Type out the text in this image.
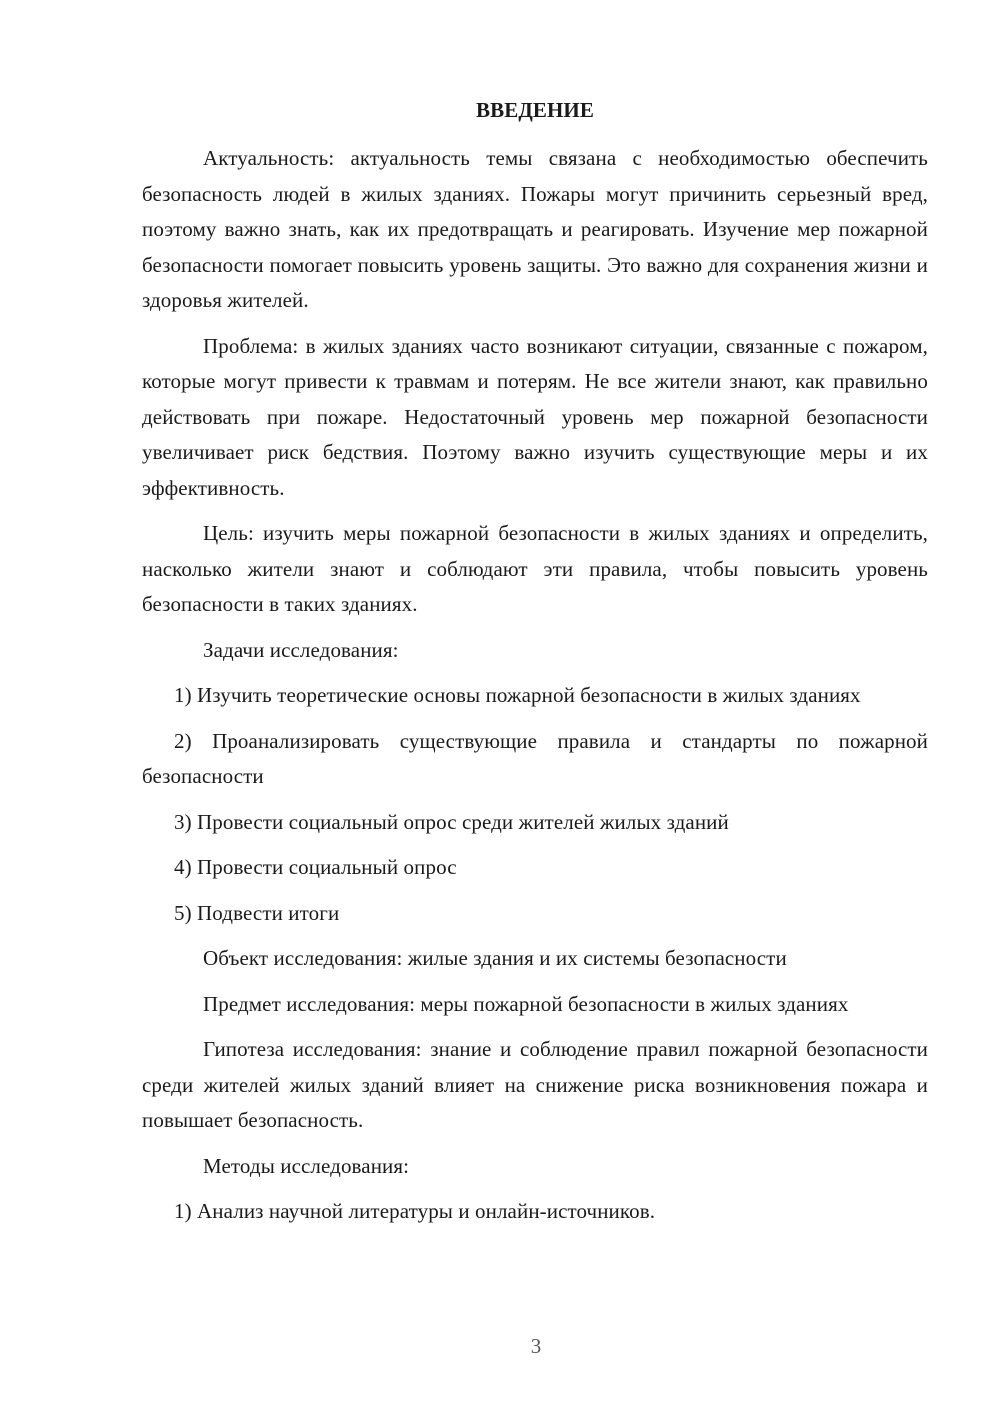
ВВЕДЕНИЕ

Актуальность: актуальность темы связана с необходимостью обеспечить безопасность людей в жилых зданиях. Пожары могут причинить серьезный вред, поэтому важно знать, как их предотвращать и реагировать. Изучение мер пожарной безопасности помогает повысить уровень защиты. Это важно для сохранения жизни и здоровья жителей.

Проблема: в жилых зданиях часто возникают ситуации, связанные с пожаром, которые могут привести к травмам и потерям. Не все жители знают, как правильно действовать при пожаре. Недостаточный уровень мер пожарной безопасности увеличивает риск бедствия. Поэтому важно изучить существующие меры и их эффективность.

Цель: изучить меры пожарной безопасности в жилых зданиях и определить, насколько жители знают и соблюдают эти правила, чтобы повысить уровень безопасности в таких зданиях.

Задачи исследования:

1) Изучить теоретические основы пожарной безопасности в жилых зданиях

2) Проанализировать существующие правила и стандарты по пожарной безопасности

3) Провести социальный опрос среди жителей жилых зданий

4) Провести социальный опрос

5) Подвести итоги

Объект исследования: жилые здания и их системы безопасности

Предмет исследования: меры пожарной безопасности в жилых зданиях

Гипотеза исследования: знание и соблюдение правил пожарной безопасности среди жителей жилых зданий влияет на снижение риска возникновения пожара и повышает безопасность.

Методы исследования:

1) Анализ научной литературы и онлайн-источников.

3
